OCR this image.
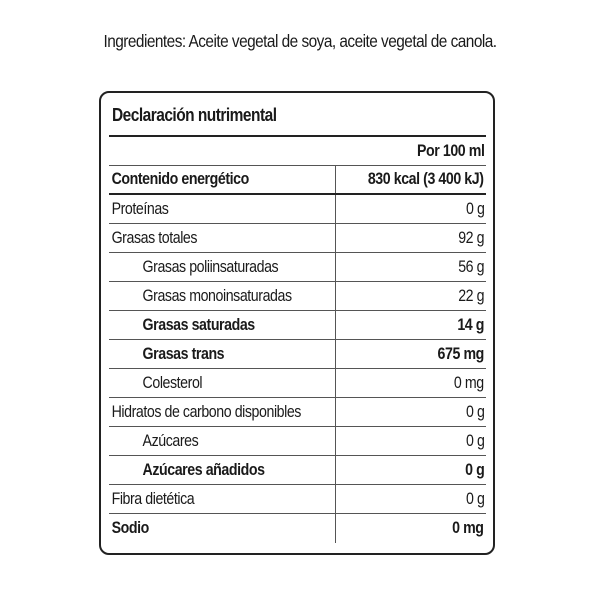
Ingredientes: Aceite vegetal de soya, aceite vegetal de canola.
Declaración nutrimental
Por 100 ml
Contenido energético	830 kcal (3 400 kJ)
Proteínas	0 g
Grasas totales	92 g
Grasas poliinsaturadas	56 g
Grasas monoinsaturadas	22 g
Grasas saturadas	14 g
Grasas trans	675 mg
Colesterol	0 mg
Hidratos de carbono disponibles	0 g
Azúcares	0 g
Azúcares añadidos	0 g
Fibra dietética	0 g
Sodio	0 mg
